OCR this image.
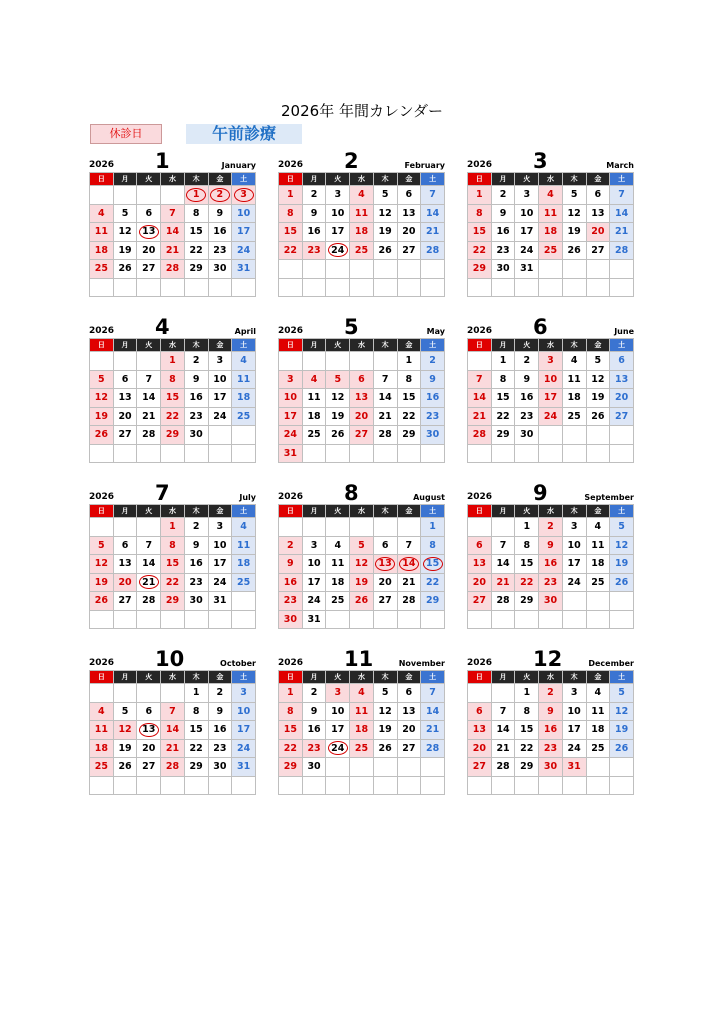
2026年 年間カレンダー
休診日	午前診療
2026 1	January
日	月	火	水	木	金	土
				1	2	3

4	5	6	7	8	9	10
11	12	13	14	15	16	17
18	19	20	21	22	23	24
25	26	27	28	29	30	31

2026 2	February
日	月	火	水	木	金	土
1	2	3	4	5	6	7
8	9	10	11	12	13	14
15	16	17	18	19	20	21
22	23	24	25	26	27	28

2026 3	March
日	月	火	水	木	金	土
1	2	3	4	5	6	7
8	9	10	11	12	13	14
15	16	17	18	19	20	21
22	23	24	25	26	27	28
29	30	31				

2026 4	April
日	月	火	水	木	金	土
			1	2	3	4
5	6	7	8	9	10	11
12	13	14	15	16	17	18
19	20	21	22	23	24	25
26	27	28	29	30		

2026 5	May
日	月	火	水	木	金	土
					1	2
3	4	5	6	7	8	9
10	11	12	13	14	15	16
17	18	19	20	21	22	23
24	25	26	27	28	29	30
31						
2026 6	June
日	月	火	水	木	金	土
	1	2	3	4	5	6
7	8	9	10	11	12	13
14	15	16	17	18	19	20
21	22	23	24	25	26	27
28	29	30				

2026 7	July
日	月	火	水	木	金	土
			1	2	3	4
5	6	7	8	9	10	11
12	13	14	15	16	17	18
19	20	21	22	23	24	25
26	27	28	29	30	31	

2026 8	August
日	月	火	水	木	金	土
						1
2	3	4	5	6	7	8
9	10	11	12	13	14	15

16	17	18	19	20	21	22
23	24	25	26	27	28	29
30	31					
2026 9	September
日	月	火	水	木	金	土
		1	2	3	4	5
6	7	8	9	10	11	12
13	14	15	16	17	18	19
20	21	22	23	24	25	26
27	28	29	30			

2026 10	October
日	月	火	水	木	金	土
				1	2	3
4	5	6	7	8	9	10
11	12	13	14	15	16	17
18	19	20	21	22	23	24
25	26	27	28	29	30	31

2026 11	November
日	月	火	水	木	金	土
1	2	3	4	5	6	7
8	9	10	11	12	13	14
15	16	17	18	19	20	21
22	23	24	25	26	27	28
29	30					

2026 12	December
日	月	火	水	木	金	土
		1	2	3	4	5
6	7	8	9	10	11	12
13	14	15	16	17	18	19
20	21	22	23	24	25	26
27	28	29	30	31		
